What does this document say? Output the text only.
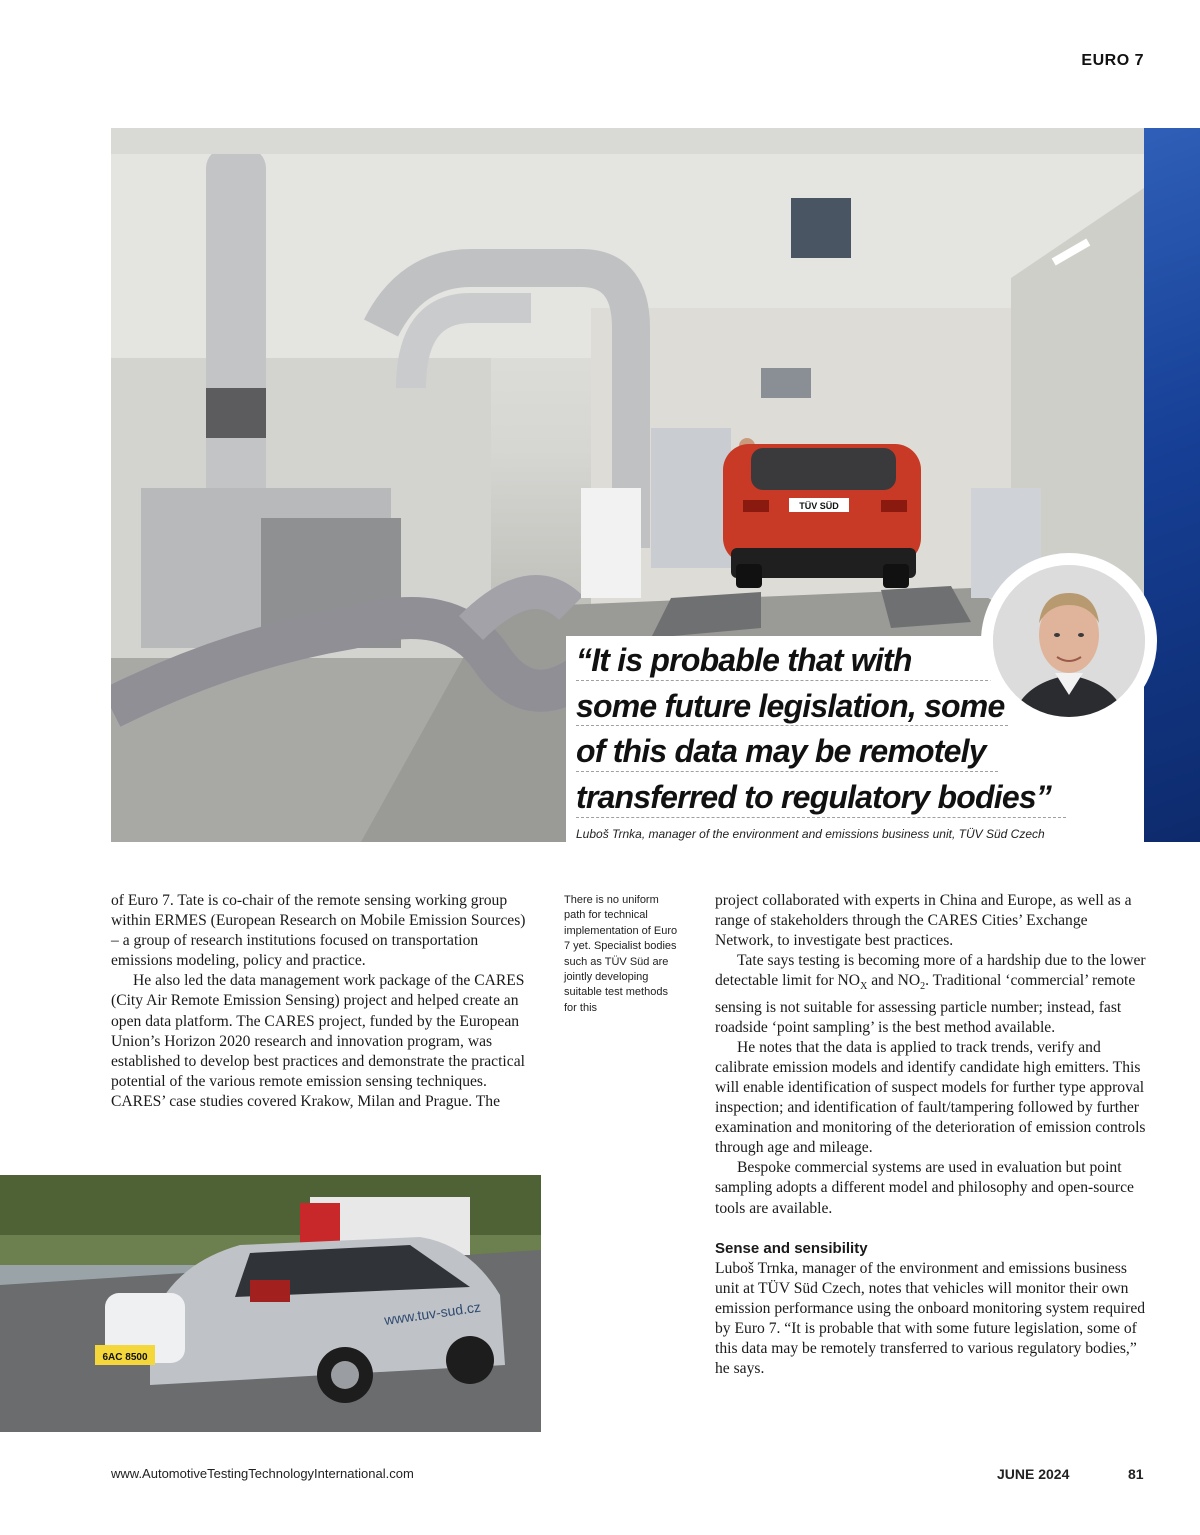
EURO 7
TÜV SÜD
“It is probable that with
some future legislation, some
of this data may be remotely
transferred to regulatory bodies”
Luboš Trnka, manager of the environment and emissions business unit, TÜV Süd Czech

of Euro 7. Tate is co-chair of the remote sensing working group within ERMES (European Research on Mobile Emission Sources) – a group of research institutions focused on transportation emissions modeling, policy and practice.

He also led the data management work package of the CARES (City Air Remote Emission Sensing) project and helped create an open data platform. The CARES project, funded by the European Union’s Horizon 2020 research and innovation program, was established to develop best practices and demonstrate the practical potential of the various remote emission sensing techniques. CARES’ case studies covered Krakow, Milan and Prague. The

There is no uniform path for technical implementation of Euro 7 yet. Specialist bodies such as TÜV Süd are jointly developing suitable test methods for this

project collaborated with experts in China and Europe, as well as a range of stakeholders through the CARES Cities’ Exchange Network, to investigate best practices.

Tate says testing is becoming more of a hardship due to the lower detectable limit for $NO_X$ and $NO_2$. Traditional ‘commercial’ remote sensing is not suitable for assessing particle number; instead, fast roadside ‘point sampling’ is the best method available.

He notes that the data is applied to track trends, verify and calibrate emission models and identify candidate high emitters. This will enable identification of suspect models for further type approval inspection; and identification of fault/tampering followed by further examination and monitoring of the deterioration of emission controls through age and mileage.

Bespoke commercial systems are used in evaluation but point sampling adopts a different model and philosophy and open-source tools are available.

Sense and sensibility

Luboš Trnka, manager of the environment and emissions business unit at TÜV Süd Czech, notes that vehicles will monitor their own emission performance using the onboard monitoring system required by Euro 7. “It is probable that with some future legislation, some of this data may be remotely transferred to various regulatory bodies,” he says.

6AC 8500
www.tuv-sud.cz
www.AutomotiveTestingTechnologyInternational.com	JUNE 2024	81
